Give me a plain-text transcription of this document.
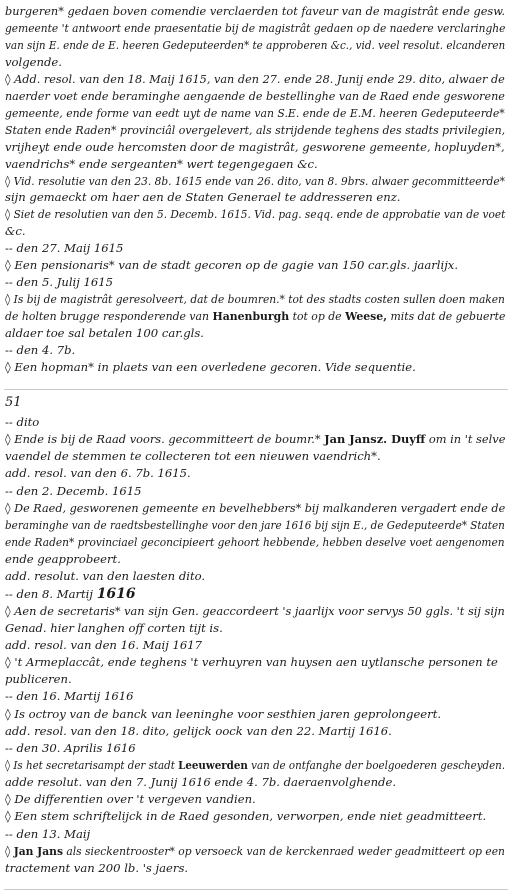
burgeren* gedaen boven comendie verclaerden tot faveur van de magistrât ende gesw.
gemeente 't antwoort ende praesentatie bij de magistrât gedaen op de naedere verclaringhe
van sijn E. ende de E. heeren Gedeputeerden* te approberen &c., vid. veel resolut. elcanderen
volgende.
◊ Add. resol. van den 18. Maij 1615, van den 27. ende 28. Junij ende 29. dito, alwaer de
naerder voet ende beraminghe aengaende de bestellinghe van de Raed ende gesworene
gemeente, ende forme van eedt uyt de name van S.E. ende de E.M. heeren Gedeputeerde*
Staten ende Raden* provinciâl overgelevert, als strijdende teghens des stadts privilegien,
vrijheyt ende oude hercomsten door de magistrât, gesworene gemeente, hopluyden*,
vaendrichs* ende sergeanten* wert tegengegaen &c.
◊ Vid. resolutie van den 23. 8b. 1615 ende van 26. dito, van 8. 9brs. alwaer gecommitteerde*
sijn gemaeckt om haer aen de Staten Generael te addresseren enz.
◊ Siet de resolutien van den 5. Decemb. 1615. Vid. pag. seqq. ende de approbatie van de voet
&c.
-- den 27. Maij 1615
◊ Een pensionaris* van de stadt gecoren op de gagie van 150 car.gls. jaarlijx.
-- den 5. Julij 1615
◊ Is bij de magistrât geresolveert, dat de boumren.* tot des stadts costen sullen doen maken
de holten brugge responderende van Hanenburgh tot op de Weese, mits dat de gebuerte
aldaer toe sal betalen 100 car.gls.
-- den 4. 7b.
◊ Een hopman* in plaets van een overledene gecoren. Vide sequentie.
51
-- dito
◊ Ende is bij de Raad voors. gecommitteert de boumr.* Jan Jansz. Duyff om in 't selve
vaendel de stemmen te collecteren tot een nieuwen vaendrich*.
add. resol. van den 6. 7b. 1615.
-- den 2. Decemb. 1615
◊ De Raed, gesworenen gemeente en bevelhebbers* bij malkanderen vergadert ende de
beraminghe van de raedtsbestellinghe voor den jare 1616 bij sijn E., de Gedeputeerde* Staten
ende Raden* provinciael geconcipieert gehoort hebbende, hebben deselve voet aengenomen
ende geapprobeert.
add. resolut. van den laesten dito.
-- den 8. Martij 1616
◊ Aen de secretaris* van sijn Gen. geaccordeert 's jaarlijx voor servys 50 ggls. 't sij sijn
Genad. hier langhen off corten tijt is.
add. resol. van den 16. Maij 1617
◊ 't Armeplaccât, ende teghens 't verhuyren van huysen aen uytlansche personen te
publiceren.
-- den 16. Martij 1616
◊ Is octroy van de banck van leeninghe voor sesthien jaren geprolongeert.
add. resol. van den 18. dito, gelijck oock van den 22. Martij 1616.
-- den 30. Aprilis 1616
◊ Is het secretarisampt der stadt Leeuwerden van de ontfanghe der boelgoederen gescheyden.
adde resolut. van den 7. Junij 1616 ende 4. 7b. daeraenvolghende.
◊ De differentien over 't vergeven vandien.
◊ Een stem schriftelijck in de Raed gesonden, verworpen, ende niet geadmitteert.
-- den 13. Maij
◊ Jan Jans als sieckentrooster* op versoeck van de kerckenraed weder geadmitteert op een
tractement van 200 lb. 's jaers.
